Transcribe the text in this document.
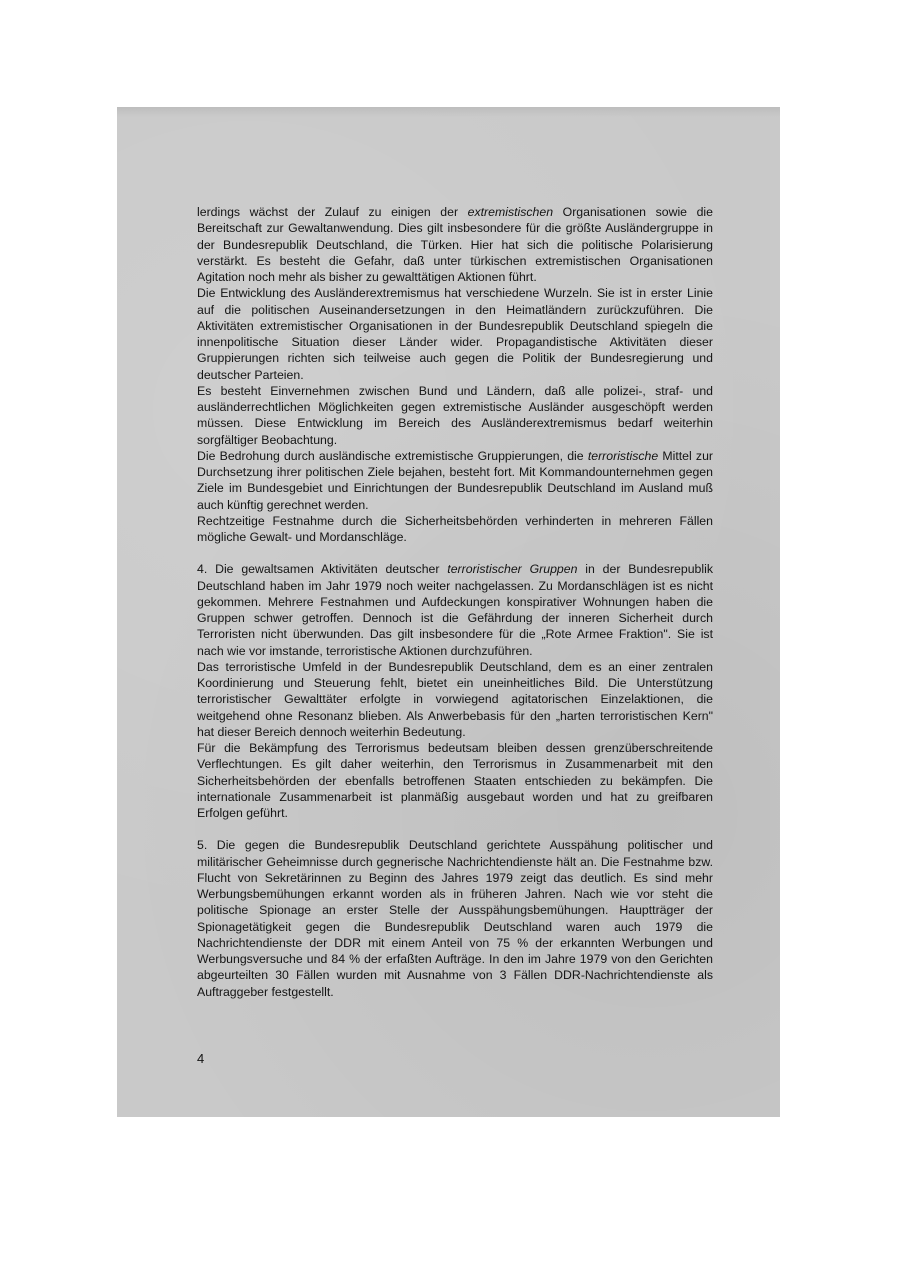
lerdings wächst der Zulauf zu einigen der extremistischen Organisationen sowie die Bereitschaft zur Gewaltanwendung. Dies gilt insbesondere für die größte Ausländergruppe in der Bundesrepublik Deutschland, die Türken. Hier hat sich die politische Polarisierung verstärkt. Es besteht die Gefahr, daß unter türkischen extremistischen Organisationen Agitation noch mehr als bisher zu gewalttätigen Aktionen führt.

Die Entwicklung des Ausländerextremismus hat verschiedene Wurzeln. Sie ist in erster Linie auf die politischen Auseinandersetzungen in den Heimatländern zurückzuführen. Die Aktivitäten extremistischer Organisationen in der Bundesrepublik Deutschland spiegeln die innenpolitische Situation dieser Länder wider. Propagandistische Aktivitäten dieser Gruppierungen richten sich teilweise auch gegen die Politik der Bundesregierung und deutscher Parteien.

Es besteht Einvernehmen zwischen Bund und Ländern, daß alle polizei-, straf- und ausländerrechtlichen Möglichkeiten gegen extremistische Ausländer ausgeschöpft werden müssen. Diese Entwicklung im Bereich des Ausländerextremismus bedarf weiterhin sorgfältiger Beobachtung.

Die Bedrohung durch ausländische extremistische Gruppierungen, die terroristische Mittel zur Durchsetzung ihrer politischen Ziele bejahen, besteht fort. Mit Kommandounternehmen gegen Ziele im Bundesgebiet und Einrichtungen der Bundesrepublik Deutschland im Ausland muß auch künftig gerechnet werden.

Rechtzeitige Festnahme durch die Sicherheitsbehörden verhinderten in mehreren Fällen mögliche Gewalt- und Mordanschläge.

4. Die gewaltsamen Aktivitäten deutscher terroristischer Gruppen in der Bundesrepublik Deutschland haben im Jahr 1979 noch weiter nachgelassen. Zu Mordanschlägen ist es nicht gekommen. Mehrere Festnahmen und Aufdeckungen konspirativer Wohnungen haben die Gruppen schwer getroffen. Dennoch ist die Gefährdung der inneren Sicherheit durch Terroristen nicht überwunden. Das gilt insbesondere für die „Rote Armee Fraktion". Sie ist nach wie vor imstande, terroristische Aktionen durchzuführen.

Das terroristische Umfeld in der Bundesrepublik Deutschland, dem es an einer zentralen Koordinierung und Steuerung fehlt, bietet ein uneinheitliches Bild. Die Unterstützung terroristischer Gewalttäter erfolgte in vorwiegend agitatorischen Einzelaktionen, die weitgehend ohne Resonanz blieben. Als Anwerbebasis für den „harten terroristischen Kern" hat dieser Bereich dennoch weiterhin Bedeutung.

Für die Bekämpfung des Terrorismus bedeutsam bleiben dessen grenzüberschreitende Verflechtungen. Es gilt daher weiterhin, den Terrorismus in Zusammenarbeit mit den Sicherheitsbehörden der ebenfalls betroffenen Staaten entschieden zu bekämpfen. Die internationale Zusammenarbeit ist planmäßig ausgebaut worden und hat zu greifbaren Erfolgen geführt.

5. Die gegen die Bundesrepublik Deutschland gerichtete Ausspähung politischer und militärischer Geheimnisse durch gegnerische Nachrichtendienste hält an. Die Festnahme bzw. Flucht von Sekretärinnen zu Beginn des Jahres 1979 zeigt das deutlich. Es sind mehr Werbungsbemühungen erkannt worden als in früheren Jahren. Nach wie vor steht die politische Spionage an erster Stelle der Ausspähungsbemühungen. Hauptträger der Spionagetätigkeit gegen die Bundesrepublik Deutschland waren auch 1979 die Nachrichtendienste der DDR mit einem Anteil von 75 % der erkannten Werbungen und Werbungsversuche und 84 % der erfaßten Aufträge. In den im Jahre 1979 von den Gerichten abgeurteilten 30 Fällen wurden mit Ausnahme von 3 Fällen DDR-Nachrichtendienste als Auftraggeber festgestellt.

4
